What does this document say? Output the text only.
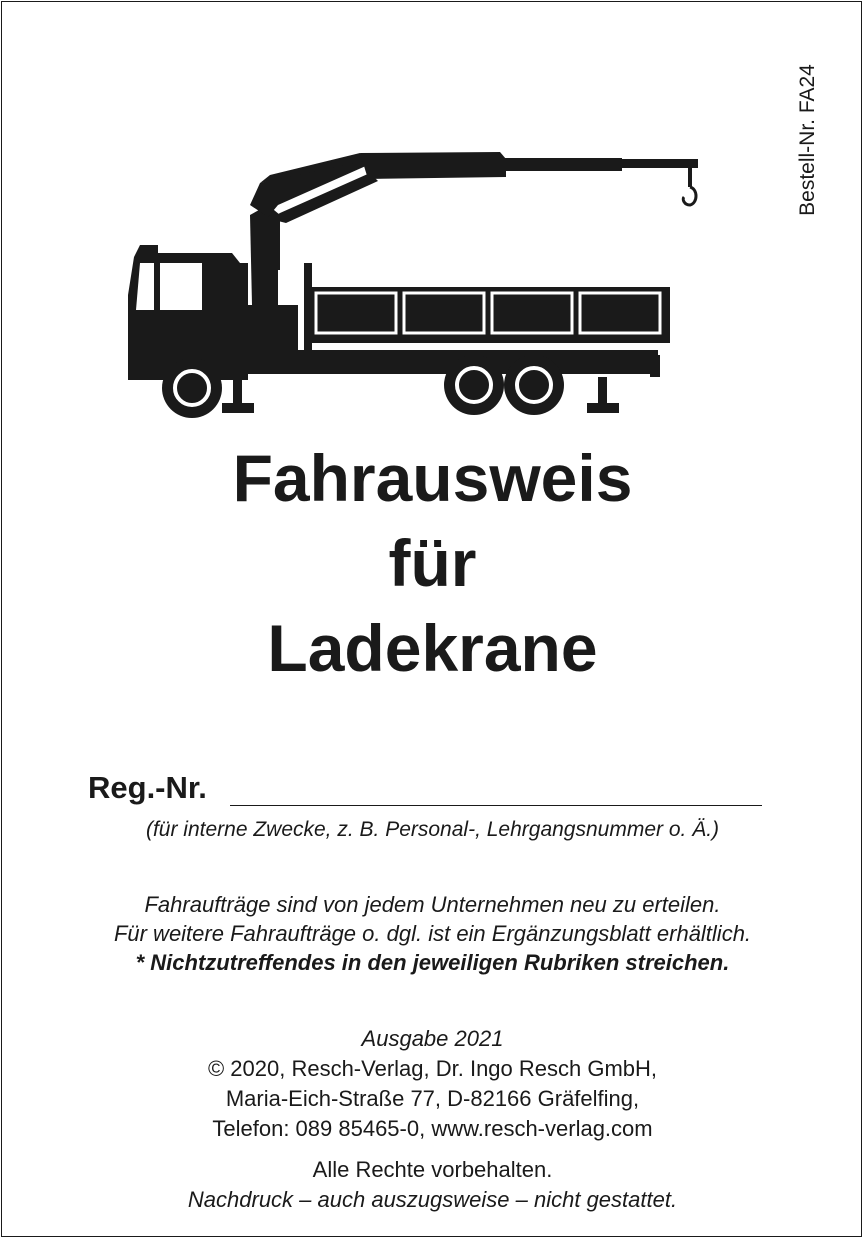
Bestell-Nr. FA24
Fahrausweis
für
Ladekrane
Reg.-Nr.
(für interne Zwecke, z. B. Personal-, Lehrgangsnummer o. Ä.)
Fahraufträge sind von jedem Unternehmen neu zu erteilen.
Für weitere Fahraufträge o. dgl. ist ein Ergänzungsblatt erhältlich.
* Nichtzutreffendes in den jeweiligen Rubriken streichen.
Ausgabe 2021
© 2020, Resch-Verlag, Dr. Ingo Resch GmbH,
Maria-Eich-Straße 77, D-82166 Gräfelfing,
Telefon: 089 85465-0, www.resch-verlag.com
Alle Rechte vorbehalten.
Nachdruck – auch auszugsweise – nicht gestattet.
